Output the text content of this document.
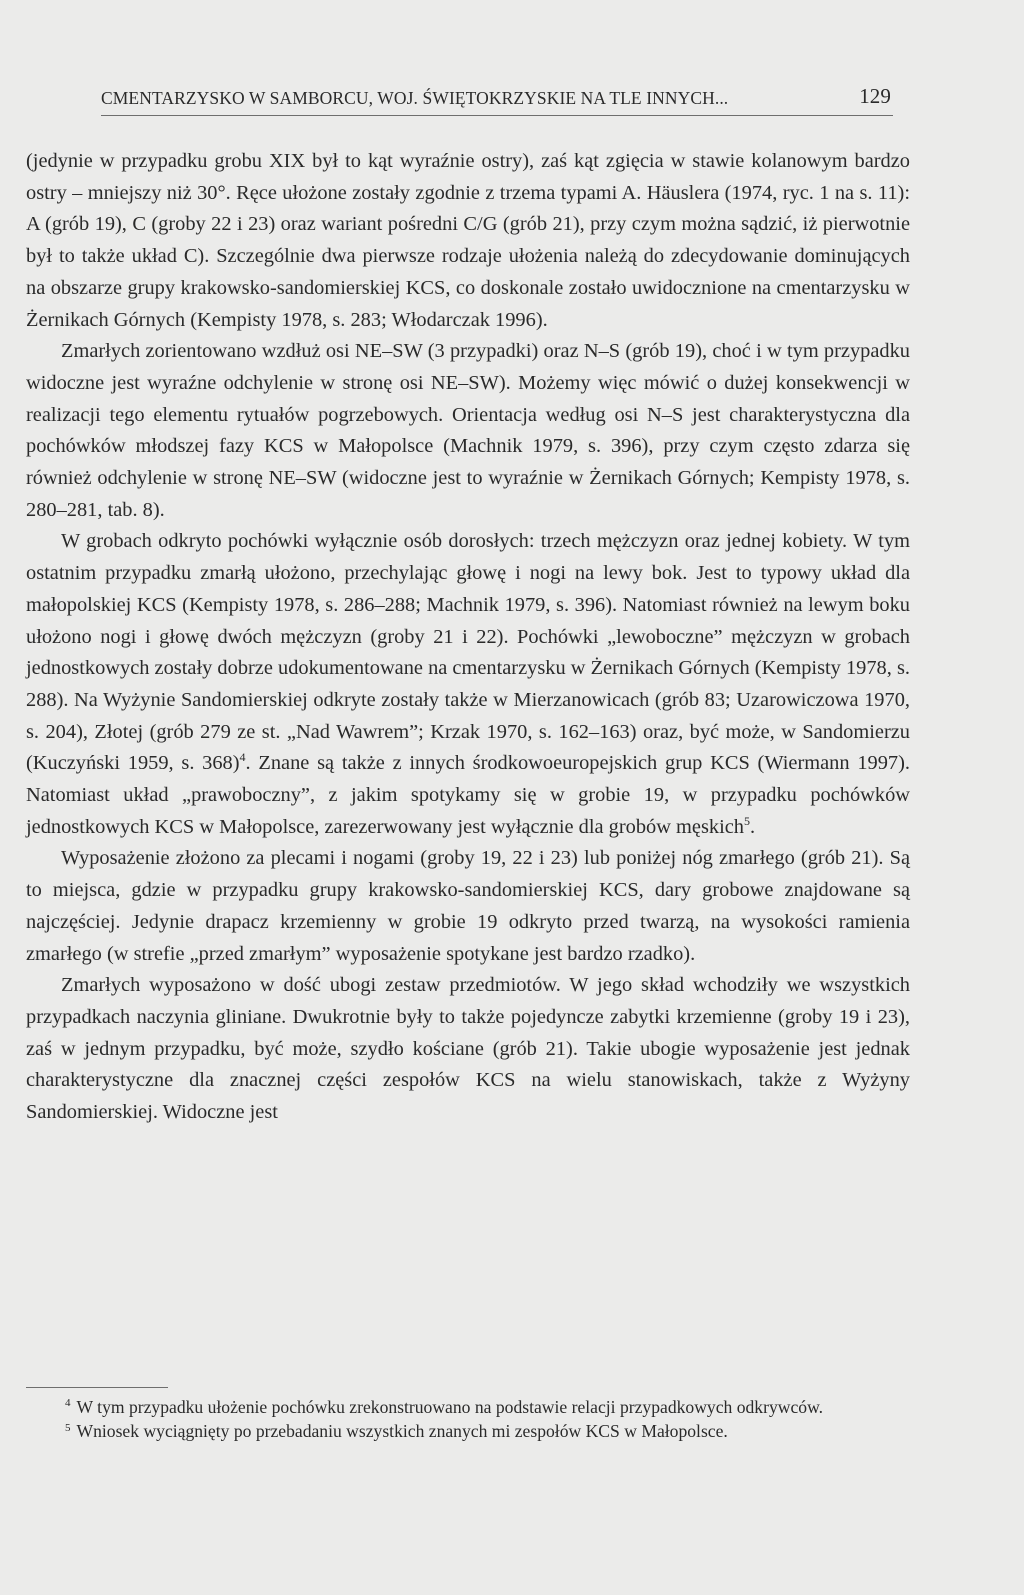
CMENTARZYSKO W SAMBORCU, WOJ. ŚWIĘTOKRZYSKIE NA TLE INNYCH...	129

(jedynie w przypadku grobu XIX był to kąt wyraźnie ostry), zaś kąt zgięcia w stawie kolanowym bardzo ostry – mniejszy niż 30°. Ręce ułożone zostały zgodnie z trzema typami A. Häuslera (1974, ryc. 1 na s. 11): A (grób 19), C (groby 22 i 23) oraz wariant pośredni C/G (grób 21), przy czym można sądzić, iż pierwotnie był to także układ C). Szczególnie dwa pierwsze rodzaje ułożenia należą do zdecydowanie dominujących na obszarze grupy krakowsko-sandomierskiej KCS, co doskonale zostało uwidocznione na cmentarzysku w Żernikach Górnych (Kempisty 1978, s. 283; Włodarczak 1996).

Zmarłych zorientowano wzdłuż osi NE–SW (3 przypadki) oraz N–S (grób 19), choć i w tym przypadku widoczne jest wyraźne odchylenie w stronę osi NE–SW). Możemy więc mówić o dużej konsekwencji w realizacji tego elementu rytuałów pogrzebowych. Orientacja według osi N–S jest charakterystyczna dla pochówków młodszej fazy KCS w Małopolsce (Machnik 1979, s. 396), przy czym często zdarza się również odchylenie w stronę NE–SW (widoczne jest to wyraźnie w Żernikach Górnych; Kempisty 1978, s. 280–281, tab. 8).

W grobach odkryto pochówki wyłącznie osób dorosłych: trzech mężczyzn oraz jednej kobiety. W tym ostatnim przypadku zmarłą ułożono, przechylając głowę i nogi na lewy bok. Jest to typowy układ dla małopolskiej KCS (Kempisty 1978, s. 286–288; Machnik 1979, s. 396). Natomiast również na lewym boku ułożono nogi i głowę dwóch mężczyzn (groby 21 i 22). Pochówki „lewoboczne” mężczyzn w grobach jednostkowych zostały dobrze udokumentowane na cmentarzysku w Żernikach Górnych (Kempisty 1978, s. 288). Na Wyżynie Sandomierskiej odkryte zostały także w Mierzanowicach (grób 83; Uzarowiczowa 1970, s. 204), Złotej (grób 279 ze st. „Nad Wawrem”; Krzak 1970, s. 162–163) oraz, być może, w Sandomierzu (Kuczyński 1959, s. 368)$^4$. Znane są także z innych środkowoeuropejskich grup KCS (Wiermann 1997). Natomiast układ „prawoboczny”, z jakim spotykamy się w grobie 19, w przypadku pochówków jednostkowych KCS w Małopolsce, zarezerwowany jest wyłącznie dla grobów męskich$^5$.

Wyposażenie złożono za plecami i nogami (groby 19, 22 i 23) lub poniżej nóg zmarłego (grób 21). Są to miejsca, gdzie w przypadku grupy krakowsko-sandomierskiej KCS, dary grobowe znajdowane są najczęściej. Jedynie drapacz krzemienny w grobie 19 odkryto przed twarzą, na wysokości ramienia zmarłego (w strefie „przed zmarłym” wyposażenie spotykane jest bardzo rzadko).

Zmarłych wyposażono w dość ubogi zestaw przedmiotów. W jego skład wchodziły we wszystkich przypadkach naczynia gliniane. Dwukrotnie były to także pojedyncze zabytki krzemienne (groby 19 i 23), zaś w jednym przypadku, być może, szydło kościane (grób 21). Takie ubogie wyposażenie jest jednak charakterystyczne dla znacznej części zespołów KCS na wielu stanowiskach, także z Wyżyny Sandomierskiej. Widoczne jest

$^4$ W tym przypadku ułożenie pochówku zrekonstruowano na podstawie relacji przypadkowych odkrywców.

$^5$ Wniosek wyciągnięty po przebadaniu wszystkich znanych mi zespołów KCS w Małopolsce.
